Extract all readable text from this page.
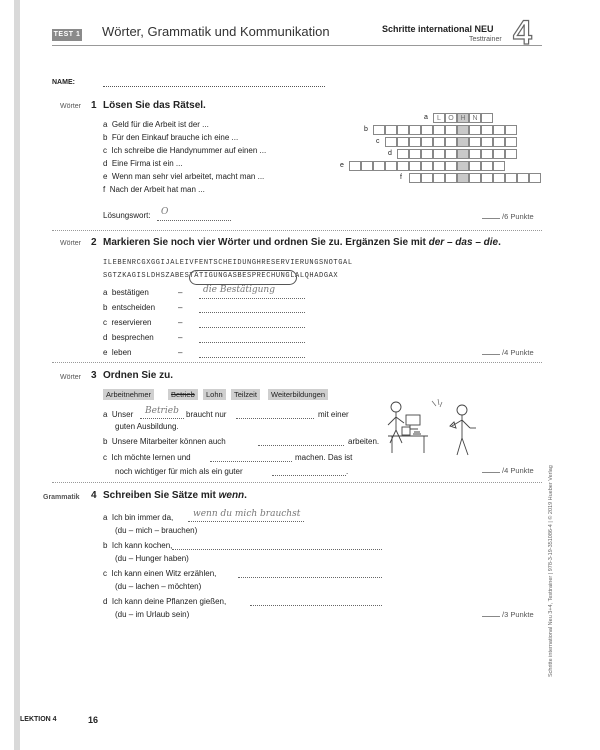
TEST 1 Wörter, Grammatik und Kommunikation	Schritte international NEU
Testtrainer 4
NAME:
Wörter 1 Lösen Sie das Rätsel.
a Geld für die Arbeit ist der ...
b Für den Einkauf brauche ich eine ...
c Ich schreibe die Handynummer auf einen ...
d Eine Firma ist ein ...
e Wenn man sehr viel arbeitet, macht man ...
f Nach der Arbeit hat man ...
a	L	O H N
b
c
d
e
f
Lösungswort: O	/6 Punkte
Wörter 2 Markieren Sie noch vier Wörter und ordnen Sie zu. Ergänzen Sie mit der – das – die.
ILEBENRCGXGGIJALEIVFENTSCHEIDUNGHRESERVIERUNGSNOTGAL
SGTZKAGISLDHSZABESTÄTIGUNGASBESPRECHUNGLALQHADGAX
a bestätigen	– die Bestätigung
b entscheiden	–
c reservieren	–
d besprechen	–
e leben	–	/4 Punkte
Wörter 3 Ordnen Sie zu.
Arbeitnehmer	Betrieb	Lohn	Teilzeit	Weiterbildungen
a Unser Betrieb braucht nur	mit einer
guten Ausbildung.
b Unsere Mitarbeiter können auch	arbeiten.
c Ich möchte lernen und	machen. Das ist
noch wichtiger für mich als ein guter	.	/4 Punkte
Grammatik 4 Schreiben Sie Sätze mit wenn.
a Ich bin immer da, wenn du mich brauchst
(du – mich – brauchen)
b Ich kann kochen,
(du – Hunger haben)
c Ich kann einen Witz erzählen,
(du – lachen – möchten)
d Ich kann deine Pflanzen gießen,
(du – im Urlaub sein)	/3 Punkte	Schritte international Neu 3+4, Testtrainer | 978-3-19-351086-4 | © 2019 Hueber Verlag
LEKTION 4	16
